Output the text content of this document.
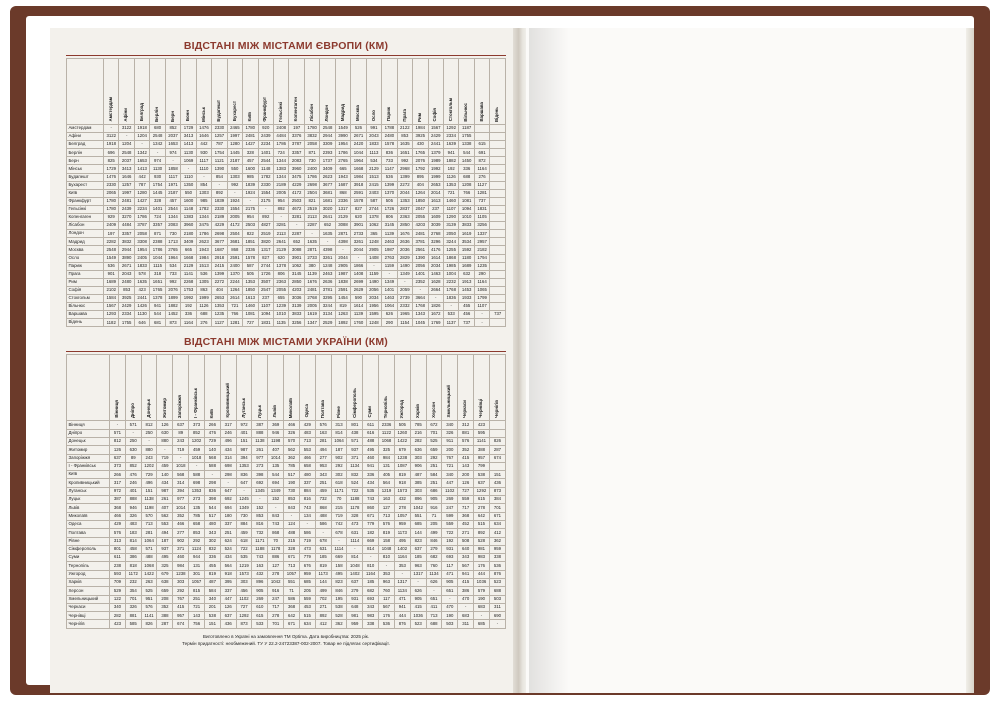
ВІДСТАНІ МІЖ МІСТАМИ ЄВРОПИ (КМ)
	Амстердам	Афіни	Белград	Берлін	Берн	Бонн	Мінськ	Будапешт	Бухарест	Київ	Франкфурт	Гельсінкі	Копенгаген	Лісабон	Лондон	Мадрид	Москва	Осло	Париж	Прага	Рим	Софія	Стокгольм	Вільнюс	Варшава	Відень
Амстердам	-	3122	1918	680	852	1729	1476	2330	2465	1780	920	2408	197	1780	2548	1549	526	991	1788	2122	1984	1567	1292	1187		
Афіни	3122	-	1204	2548	2037	3413	1646	1257	1997	2481	2439	4484	3376	3832	2944	3990	2671	2043	2480	853	3925	2429	2334	1755		
Белград	1918	1204	-	1342	1653	1413	442	787	1280	1427	2234	1786	3787	2058	3309	1954	2420	1833	1578	1635	430	2441	1639	1338	615	
Берлін	696	2548	1342	-	974	1130	930	1754	1445	328	1401	724	3357	871	2393	1786	1044	1113	836	1651	1765	1379	941	544	691	
Берн	825	2037	1653	974	-	1069	1117	1121	2187	457	2544	1344	2083	730	1737	2765	1964	534	733	992	2076	1989	1882	1450	872	
Мінськ	1729	3413	1413	1130	1858	-	1110	1390	550	1600	1148	1383	3960	2400	3409	665	1668	2129	1147	2968	1792	1992	192	336	1164	
Будапешт	1476	1646	442	930	1117	1110	-	854	1303	985	1782	1344	3475	1786	2623	1943	1984	1513	536	1399	895	1999	1126	688	276	
Бухарест	2330	1257	787	1754	1971	1350	854	-	992	1839	2330	2189	4229	2698	3677	1687	3918	2415	1399	2272	404	2653	1353	1208	1127	
Київ	2065	1997	1280	1445	2187	550	1303	892	-	1924	1554	2005	4172	2504	3681	868	2591	2403	1370	2044	1264	2014	721	766	1281	
Франкфурт	1780	2481	1427	328	457	1600	985	1839	1924	-	2175	954	2503	821	1681	2336	1578	587	505	1353	1850	1613	1460	1081	737	
Гельсінкі	1780	2439	2234	1401	2544	1148	1782	2330	1554	2175	-	892	4672	2519	3020	1317	827	2744	1726	2837	2047	237	1107	1094	1831	
Копенгаген	929	3270	1786	724	1344	1383	1344	2189	2005	954	892	-	3281	2113	2641	2129	620	1378	806	2363	2055	1609	1290	1010	1105	
Лісабон	2409	4484	3787	3357	2083	3960	3475	4229	4172	2503	4827	3281	-	2287	652	3088	3901	1062	3145	2850	4203	3039	3139	3833	3256	
Лондон	197	3357	2058	871	730	2180	1786	2698	2504	822	2519	2113	2287	-	1635	2871	2733	365	1139	1676	2481	2768	2050	1619	1337	
Мадрид	2282	3832	3308	2388	1713	3409	2623	3677	3681	1851	3820	2641	652	1635	-	4398	3261	1248	2463	2636	3781	3296	3244	3534	2957	
Москва	2548	2944	1954	1786	2765	665	1943	1687	868	2336	1317	2129	3088	2871	4398	-	2044	2905	1987	2036	2561	4176	1255	1592	2182	
Осло	1549	3890	2405	1044	1964	1668	1984	2918	2591	1578	827	620	3901	2733	3261	2044	-	1408	2763	2829	1390	1614	1868	1180	1794	
Париж	536	2671	1833	1115	534	2129	1513	2415	2400	587	2744	1378	1062	380	1248	2905	1866	-	1159	1490	2056	2034	1985	1689	1235	
Прага	901	2043	578	318	733	1141	536	1399	1370	505	1726	806	3145	1139	2463	1987	1408	1159	-	1349	1401	1463	1004	632	290	
Рим	1689	2480	1635	1651	992	2268	1305	2272	2244	1353	3507	2363	2850	1676	2636	1838	2699	1490	1349	-	2352	1628	2232	1913	1164	
Софія	2102	853	423	1765	2076	1753	863	404	1264	1850	2547	2055	4203	2481	3781	2591	2629	2056	1401	2059	-	2664	1768	1453	1065	
Стокгольм	1584	3925	2441	1378	1899	1992	1999	2653	2614	1613	237	655	3036	2768	3295	1454	590	2034	1463	2739	3664	-	1836	1933	1799	
Вільнюс	1567	2429	1426	941	1882	192	1126	1353	721	1460	1107	1239	3139	2005	3244	819	1614	1956	1064	2332	1768	1826	-	455	1107	
Варшава	1293	2334	1130	544	1452	336	688	1235	766	1081	1094	1010	3833	1619	3134	1263	1139	1595	626	1965	1343	1672	533	456	-	737
Відень	1182	1755	646	681	873	1164	276	1127	1281	727	1831	1135	3256	1347	2529	1892	1760	1248	290	1154	1045	1769	1137	737	-	
ВІДСТАНІ МІЖ МІСТАМИ УКРАЇНИ (КМ)
	Вінниця	Дніпро	Донецьк	Житомир	Запоріжжя	І - Франківськ	Київ	Кропивницький	Луганськ	Луцьк	Львів	Миколаїв	Одеса	Полтава	Рівне	Сімферополь	Суми	Тернопіль	Ужгород	Харків	Херсон	Хмельницький	Черкаси	Чернівці	Чернігів
Вінниця	-	571	812	126	637	373	266	317	972	387	369	466	429	576	313	801	611	2336	505	785	672	340	312	423	
Дніпро	571	-	250	630	89	852	476	246	401	888	946	326	483	163	814	438	616	1122	1260	216	701	326	881	595	
Донецьк	812	250	-	880	243	1202	729	496	151	1138	1198	570	713	281	1064	571	488	1068	1422	282	525	911	576	1141	826
Житомир	126	630	880	-	719	459	140	434	987	261	407	562	553	494	187	937	495	325	679	636	659	200	352	388	287
Запоріжжя	637	89	243	719	-	1018	568	314	394	977	1014	362	466	277	902	371	460	984	1238	303	292	767	415	957	674
І - Франківськ	373	852	1202	459	1018	-	588	698	1353	273	135	785	658	953	292	1134	941	131	1087	906	251	721	143	799	
Київ	266	476	729	140	568	588	-	298	836	398	544	517	480	343	302	832	336	405	819	487	584	340	200	538	151
Кропивницький	317	246	496	434	314	698	298	-	647	692	694	190	337	251	618	524	434	564	918	385	251	447	126	637	436
Луганськ	972	401	151	987	394	1353	836	647	-	1345	1349	730	884	459	1171	722	535	1219	1573	303	686	1102	727	1292	873
Луцьк	387	888	1138	261	977	273	398	692	1245	-	152	853	816	732	70	1188	743	163	432	896	905	269	559	615	384
Львів	368	946	1198	407	1014	135	544	694	1349	152	-	843	743	868	215	1178	860	127	278	1042	916	247	717	278	701
Миколаїв	466	326	570	562	352	785	517	180	730	853	843	-	134	488	719	328	671	713	1057	551	71	599	368	642	671
Одеса	429	483	713	553	466	658	480	337	884	816	743	124	-	586	742	473	779	576	959	685	205	559	452	515	634
Полтава	576	183	281	494	277	853	343	251	459	732	868	488	586	-	678	631	182	819	1173	144	499	722	271	892	412
Рівне	313	814	1064	187	902	292	302	624	618	1171	70	215	719	678	-	1114	669	158	495	823	846	192	508	528	362
Сімферополь	801	458	571	937	371	1124	832	524	722	1188	1178	328	473	631	1114	-	814	1048	1402	637	279	931	640	981	959
Суми	611	386	488	495	460	944	336	434	535	743	886	671	779	185	669	814	-	810	1164	185	682	693	343	983	338
Тернопіль	238	818	1068	325	984	131	455	564	1219	163	127	713	676	819	158	1048	810	-	353	963	760	117	567	176	536
Ужгород	593	1172	1422	679	1238	301	819	918	1573	432	278	1057	959	1173	495	1402	1164	353	-	1317	1134	471	941	444	876
Харків	709	232	263	638	303	1057	487	395	303	896	1042	551	685	144	823	637	185	963	1317	-	626	905	415	1036	523
Херсон	529	354	525	659	292	815	584	337	456	905	916	71	205	499	846	279	682	760	1134	626	-	651	386	579	688
Хмельницький	122	701	951	208	767	251	340	447	1102	269	247	586	559	702	195	931	693	117	471	905	651	-	470	190	503
Черкаси	340	326	576	352	415	721	201	126	727	610	717	368	453	271	538	648	343	567	941	415	411	470	-	683	311
Чернівці	282	881	1141	388	957	143	538	637	1292	615	278	642	515	892	528	981	983	176	444	1036	713	190	683	-	690
Чернігів	423	585	826	287	674	756	151	436	873	533	701	671	634	412	362	959	338	536	876	523	688	503	311	685	-
Виготовлено в Україні на замовлення ТМ Optima. Дата виробництва: 2025 рік.
Термін придатності: необмежений. ТУ У 22.2-24723387-002-2007. Товар не підлягає сертифікації.
